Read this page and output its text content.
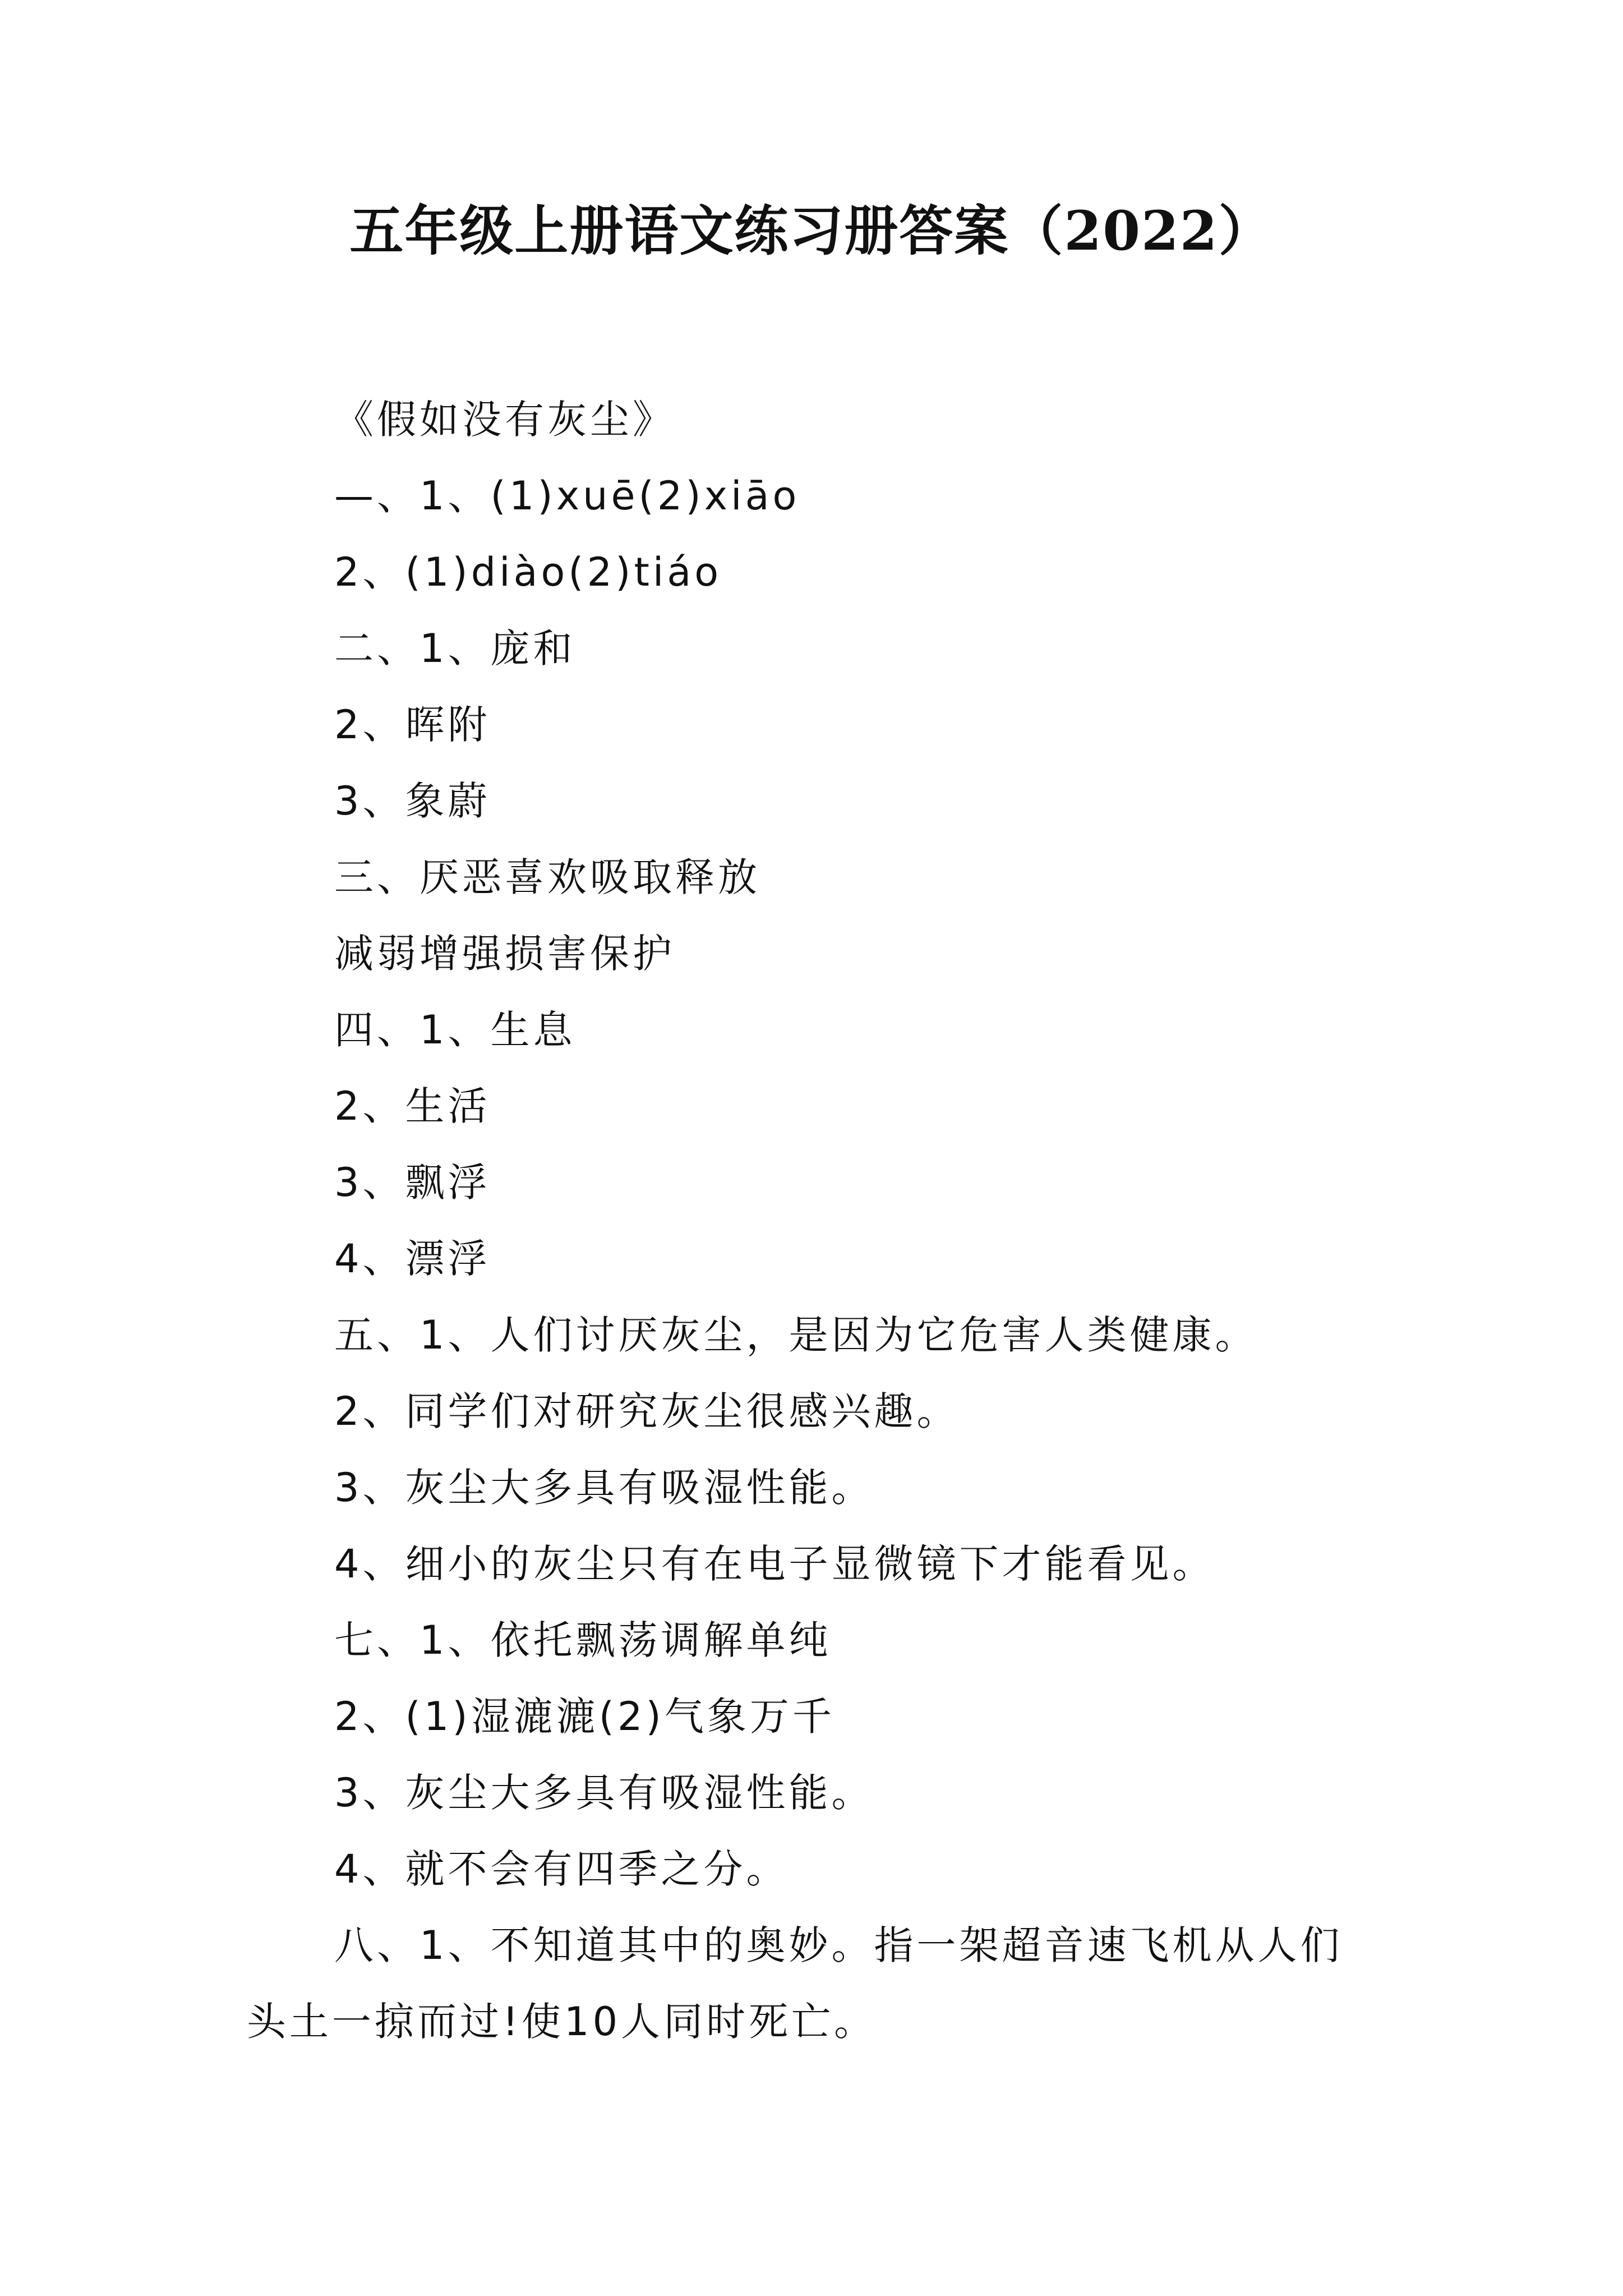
五年级上册语文练习册答案（2022）
《假如没有灰尘》
—、1、(1)xuē(2)xiāo
2、(1)diào(2)tiáo
二、1、庞和
2、晖附
3、象蔚
三、厌恶喜欢吸取释放
减弱增强损害保护
四、1、生息
2、生活
3、飘浮
4、漂浮
五、1、人们讨厌灰尘，是因为它危害人类健康。
2、同学们对研究灰尘很感兴趣。
3、灰尘大多具有吸湿性能。
4、细小的灰尘只有在电子显微镜下才能看见。
七、1、依托飘荡调解单纯
2、(1)湿漉漉(2)气象万千
3、灰尘大多具有吸湿性能。
4、就不会有四季之分。
八、1、不知道其中的奥妙。指一架超音速飞机从人们头土一掠而过!使10人同时死亡。
